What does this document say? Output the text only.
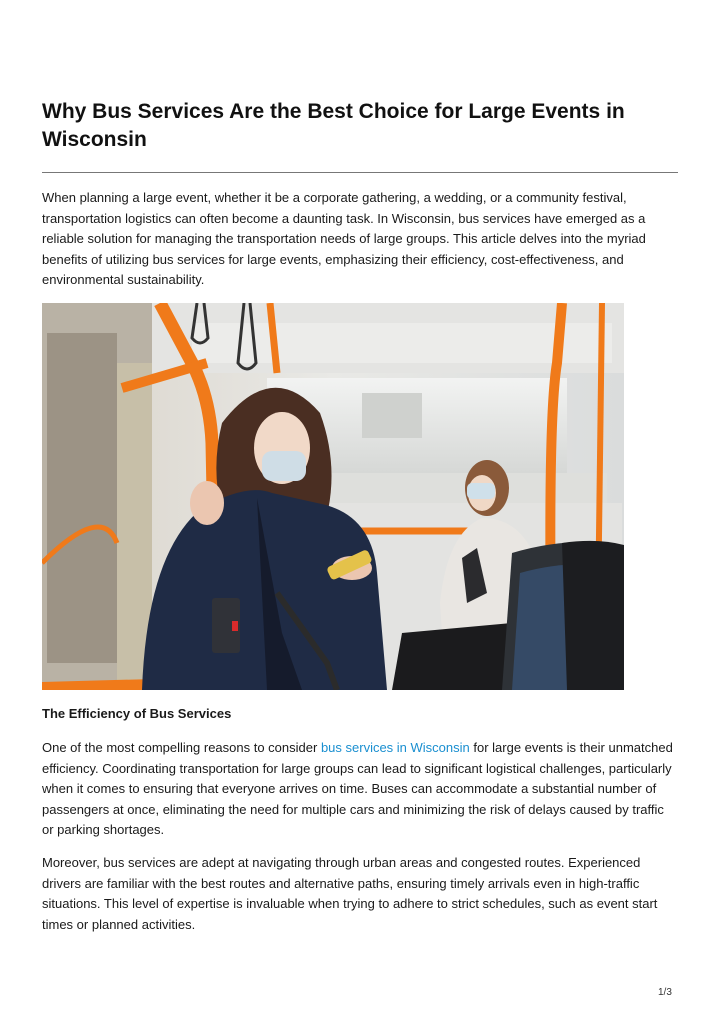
Why Bus Services Are the Best Choice for Large Events in Wisconsin

When planning a large event, whether it be a corporate gathering, a wedding, or a community festival, transportation logistics can often become a daunting task. In Wisconsin, bus services have emerged as a reliable solution for managing the transportation needs of large groups. This article delves into the myriad benefits of utilizing bus services for large events, emphasizing their efficiency, cost-effectiveness, and environmental sustainability.

The Efficiency of Bus Services

One of the most compelling reasons to consider bus services in Wisconsin for large events is their unmatched efficiency. Coordinating transportation for large groups can lead to significant logistical challenges, particularly when it comes to ensuring that everyone arrives on time. Buses can accommodate a substantial number of passengers at once, eliminating the need for multiple cars and minimizing the risk of delays caused by traffic or parking shortages.

Moreover, bus services are adept at navigating through urban areas and congested routes. Experienced drivers are familiar with the best routes and alternative paths, ensuring timely arrivals even in high-traffic situations. This level of expertise is invaluable when trying to adhere to strict schedules, such as event start times or planned activities.

1/3
